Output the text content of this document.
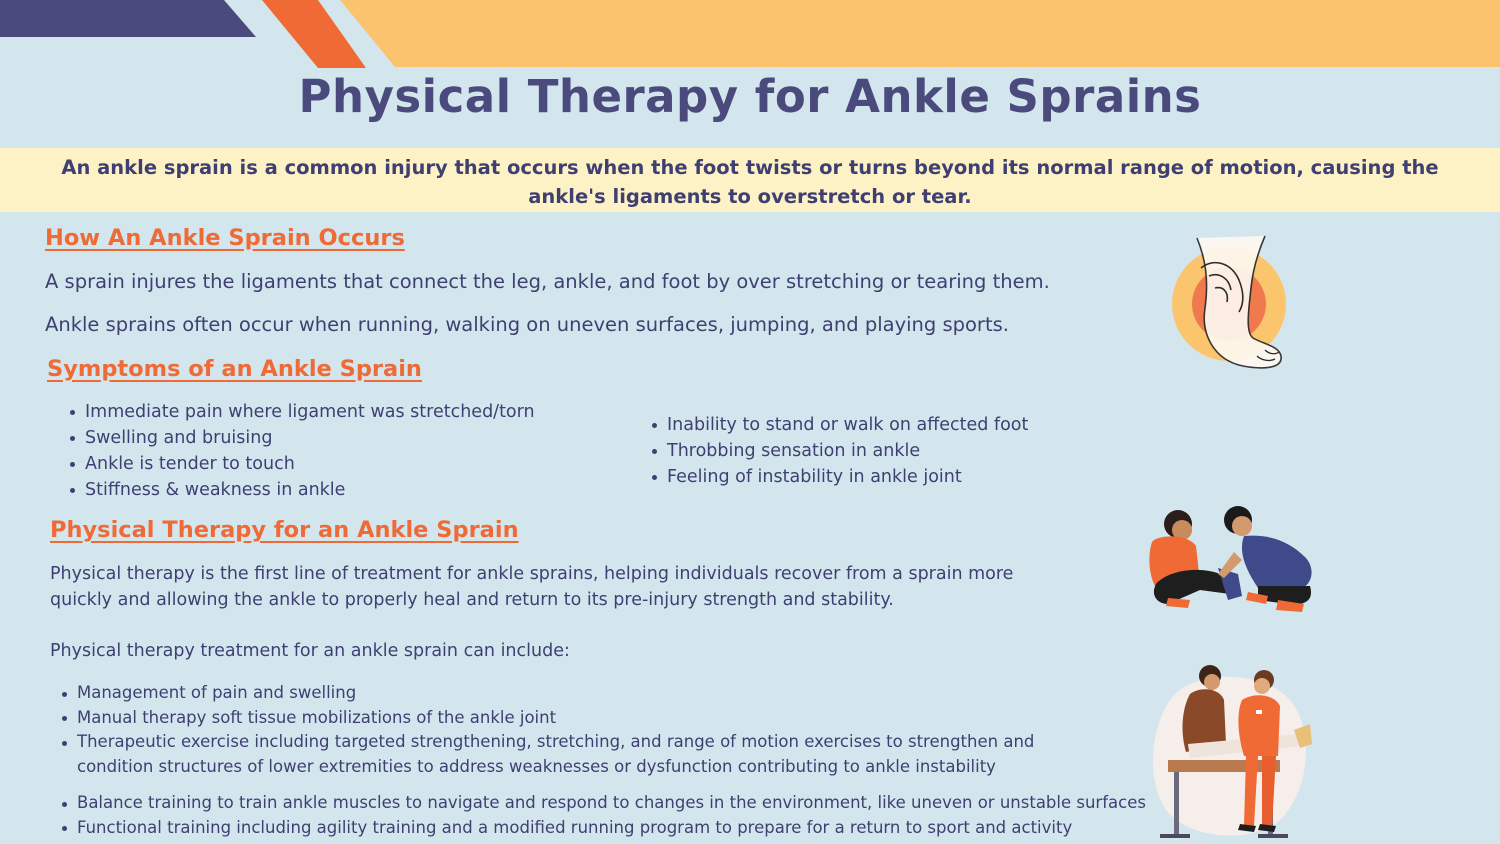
Physical Therapy for Ankle Sprains

An ankle sprain is a common injury that occurs when the foot twists or turns beyond its normal range of motion, causing the ankle's ligaments to overstretch or tear.

How An Ankle Sprain Occurs

A sprain injures the ligaments that connect the leg, ankle, and foot by over stretching or tearing them.

Ankle sprains often occur when running, walking on uneven surfaces, jumping, and playing sports.

Symptoms of an Ankle Sprain
Immediate pain where ligament was stretched/torn
Swelling and bruising
Ankle is tender to touch
Stiffness & weakness in ankle
Inability to stand or walk on affected foot
Throbbing sensation in ankle
Feeling of instability in ankle joint
Physical Therapy for an Ankle Sprain

Physical therapy is the first line of treatment for ankle sprains, helping individuals recover from a sprain more quickly and allowing the ankle to properly heal and return to its pre-injury strength and stability.

Physical therapy treatment for an ankle sprain can include:

Management of pain and swelling
Manual therapy soft tissue mobilizations of the ankle joint
Therapeutic exercise including targeted strengthening, stretching, and range of motion exercises to strengthen and condition structures of lower extremities to address weaknesses or dysfunction contributing to ankle instability
Balance training to train ankle muscles to navigate and respond to changes in the environment, like uneven or unstable surfaces
Functional training including agility training and a modified running program to prepare for a return to sport and activity
